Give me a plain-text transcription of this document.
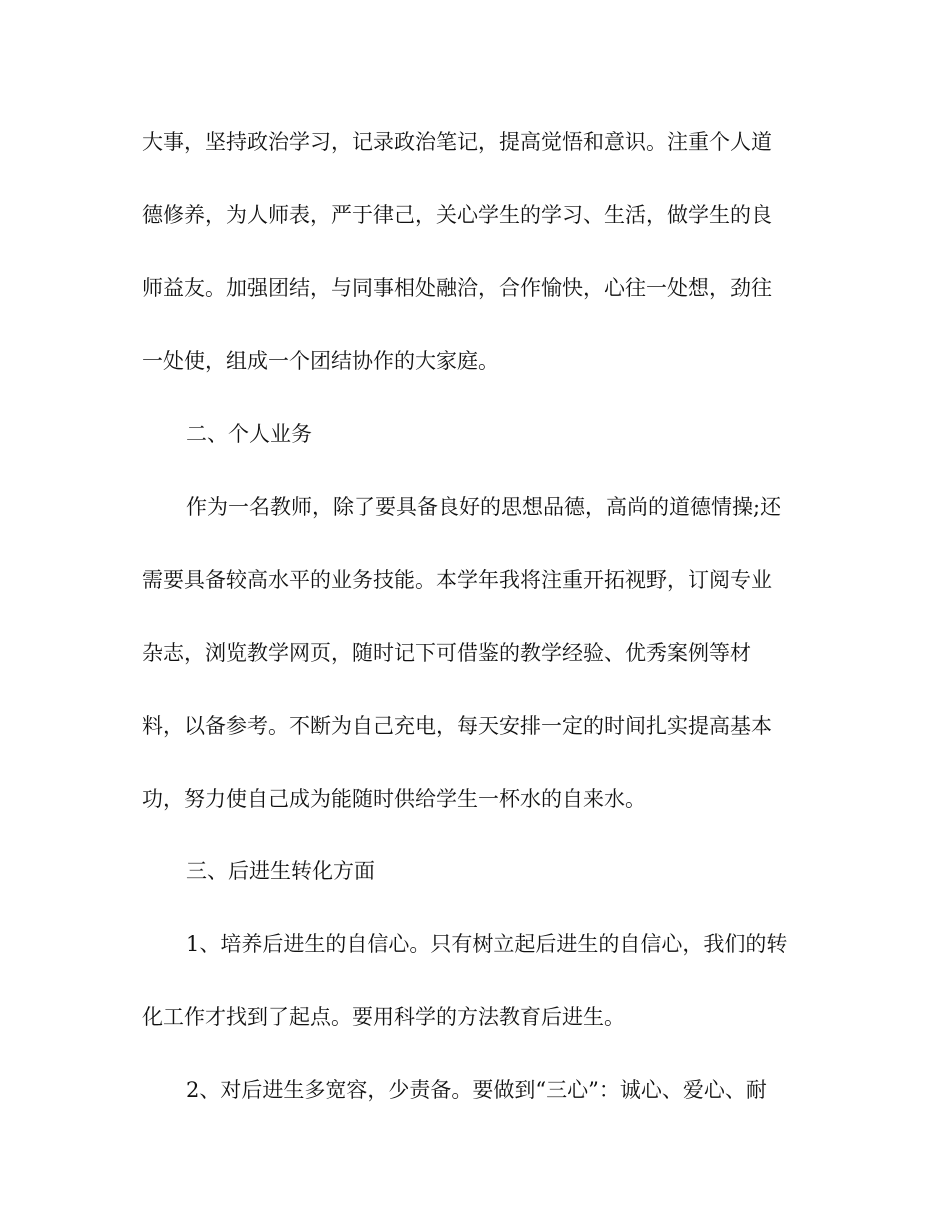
大事，坚持政治学习，记录政治笔记，提高觉悟和意识。注重个人道
德修养，为人师表，严于律己，关心学生的学习、生活，做学生的良
师益友。加强团结，与同事相处融洽，合作愉快，心往一处想，劲往
一处使，组成一个团结协作的大家庭。
二、个人业务
作为一名教师，除了要具备良好的思想品德，高尚的道德情操;还
需要具备较高水平的业务技能。本学年我将注重开拓视野，订阅专业
杂志，浏览教学网页，随时记下可借鉴的教学经验、优秀案例等材
料，以备参考。不断为自己充电，每天安排一定的时间扎实提高基本
功，努力使自己成为能随时供给学生一杯水的自来水。
三、后进生转化方面
1、培养后进生的自信心。只有树立起后进生的自信心，我们的转
化工作才找到了起点。要用科学的方法教育后进生。
2、对后进生多宽容，少责备。要做到“三心”：诚心、爱心、耐
